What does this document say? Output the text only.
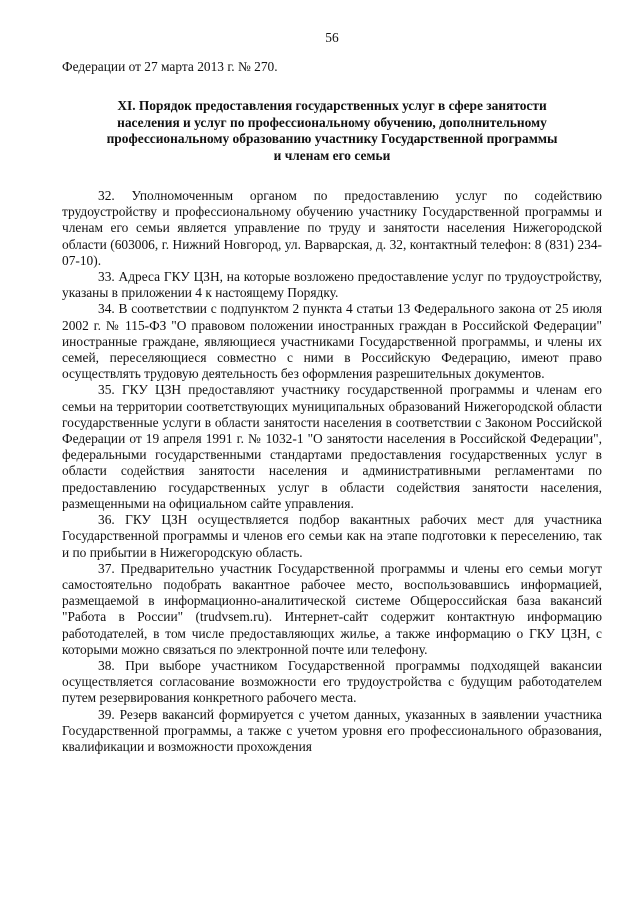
56

Федерации от 27 марта 2013 г. № 270.

XI. Порядок предоставления государственных услуг в сфере занятости
населения и услуг по профессиональному обучению, дополнительному
профессиональному образованию участнику Государственной программы
и членам его семьи

32. Уполномоченным органом по предоставлению услуг по содействию трудоустройству и профессиональному обучению участнику Государственной программы и членам его семьи является управление по труду и занятости населения Нижегородской области (603006, г. Нижний Новгород, ул. Варварская, д. 32, контактный телефон: 8 (831) 234-07-10).

33. Адреса ГКУ ЦЗН, на которые возложено предоставление услуг по трудоустройству, указаны в приложении 4 к настоящему Порядку.

34. В соответствии с подпунктом 2 пункта 4 статьи 13 Федерального закона от 25 июля 2002 г. № 115-ФЗ "О правовом положении иностранных граждан в Российской Федерации" иностранные граждане, являющиеся участниками Государственной программы, и члены их семей, переселяющиеся совместно с ними в Российскую Федерацию, имеют право осуществлять трудовую деятельность без оформления разрешительных документов.

35. ГКУ ЦЗН предоставляют участнику государственной программы и членам его семьи на территории соответствующих муниципальных образований Нижегородской области государственные услуги в области занятости населения в соответствии с Законом Российской Федерации от 19 апреля 1991 г. № 1032-1 "О занятости населения в Российской Федерации", федеральными государственными стандартами предоставления государственных услуг в области содействия занятости населения и административными регламентами по предоставлению государственных услуг в области содействия занятости населения, размещенными на официальном сайте управления.

36. ГКУ ЦЗН осуществляется подбор вакантных рабочих мест для участника Государственной программы и членов его семьи как на этапе подготовки к переселению, так и по прибытии в Нижегородскую область.

37. Предварительно участник Государственной программы и члены его семьи могут самостоятельно подобрать вакантное рабочее место, воспользовавшись информацией, размещаемой в информационно-аналитической системе Общероссийская база вакансий "Работа в России" (trudvsem.ru). Интернет-сайт содержит контактную информацию работодателей, в том числе предоставляющих жилье, а также информацию о ГКУ ЦЗН, с которыми можно связаться по электронной почте или телефону.

38. При выборе участником Государственной программы подходящей вакансии осуществляется согласование возможности его трудоустройства с будущим работодателем путем резервирования конкретного рабочего места.

39. Резерв вакансий формируется с учетом данных, указанных в заявлении участника Государственной программы, а также с учетом уровня его профессионального образования, квалификации и возможности прохождения
